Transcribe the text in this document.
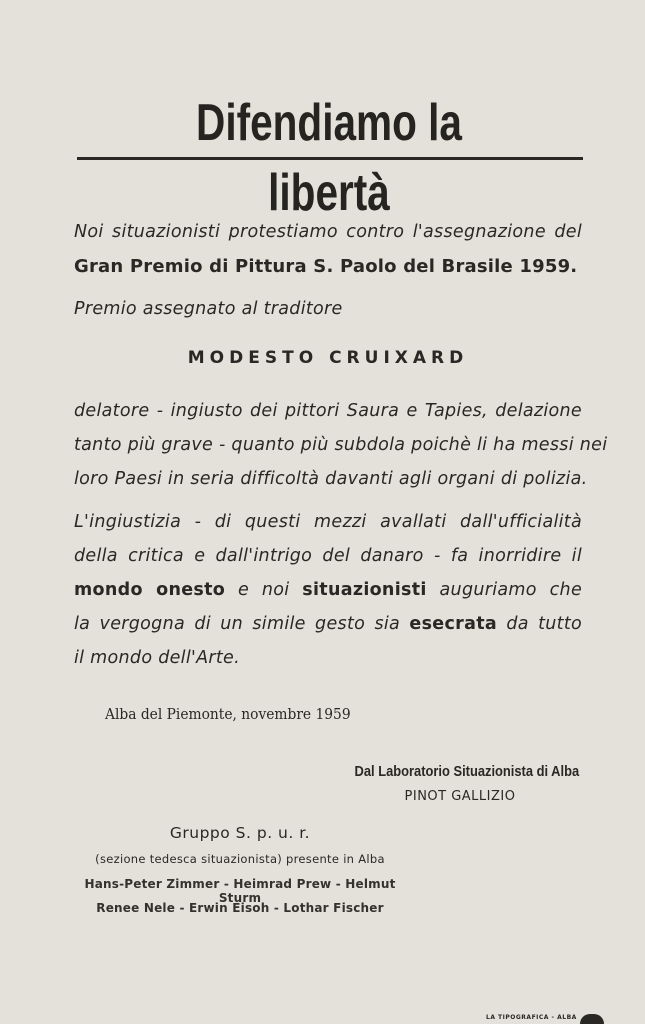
Difendiamo la libertà
Noi situazionisti protestiamo contro l'assegnazione del
Gran Premio di Pittura S. Paolo del Brasile 1959.
Premio assegnato al traditore
MODESTO CRUIXARD
delatore - ingiusto dei pittori Saura e Tapies, delazione
tanto più grave - quanto più subdola poichè li ha messi nei
loro Paesi in seria difficoltà davanti agli organi di polizia.
L'ingiustizia - di questi mezzi avallati dall'ufficialità
della critica e dall'intrigo del danaro - fa inorridire il
mondo onesto e noi situazionisti auguriamo che
la vergogna di un simile gesto sia esecrata da tutto
il mondo dell'Arte.
Alba del Piemonte, novembre 1959
Dal Laboratorio Situazionista di Alba
PINOT GALLIZIO
Gruppo S. p. u. r.
(sezione tedesca situazionista) presente in Alba
Hans-Peter Zimmer - Heimrad Prew - Helmut Sturm
Renee Nele - Erwin Eisoh - Lothar Fischer
LA TIPOGRAFICA - ALBA
